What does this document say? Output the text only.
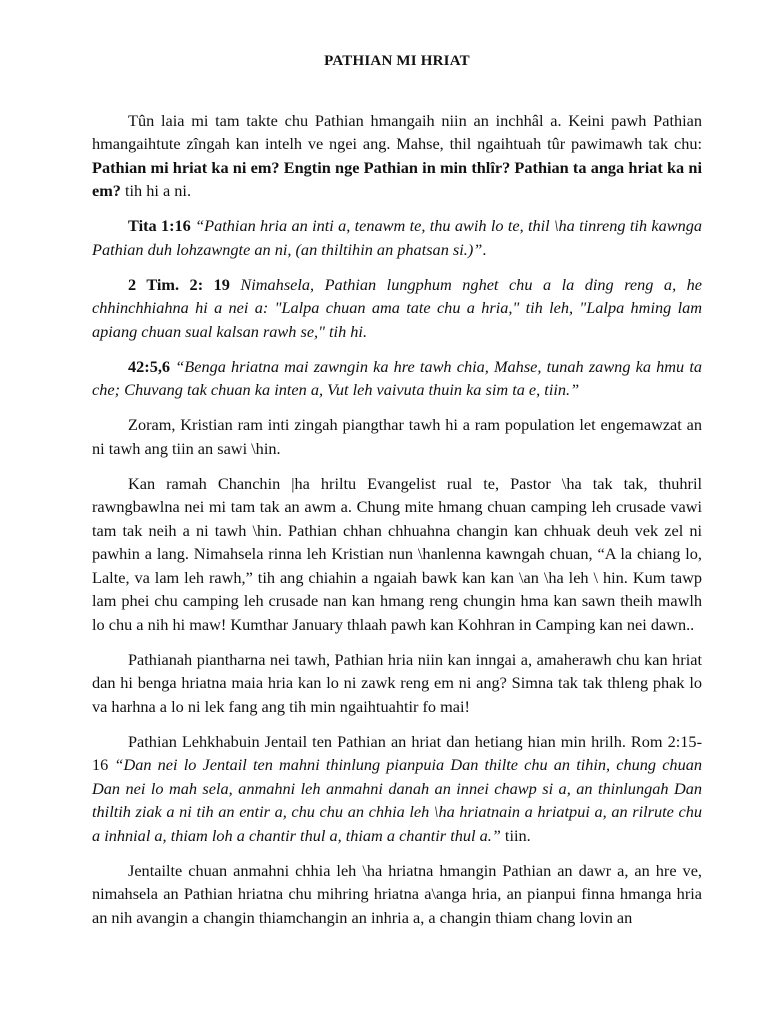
PATHIAN MI HRIAT

Tûn laia mi tam takte chu Pathian hmangaih niin an inchhâl a. Keini pawh Pathian hmangaihtute zîngah kan intelh ve ngei ang. Mahse, thil ngaihtuah tûr pawimawh tak chu: Pathian mi hriat ka ni em? Engtin nge Pathian in min thlîr? Pathian ta anga hriat ka ni em? tih hi a ni.

Tita 1:16 “Pathian hria an inti a, tenawm te, thu awih lo te, thil \ha tinreng tih kawnga Pathian duh lohzawngte an ni, (an thiltihin an phatsan si.)”.

2 Tim. 2: 19 Nimahsela, Pathian lungphum nghet chu a la ding reng a, he chhinchhiahna hi a nei a: "Lalpa chuan ama tate chu a hria," tih leh, "Lalpa hming lam apiang chuan sual kalsan rawh se," tih hi.

42:5,6 “Benga hriatna mai zawngin ka hre tawh chia, Mahse, tunah zawng ka hmu ta che; Chuvang tak chuan ka inten a, Vut leh vaivuta thuin ka sim ta e, tiin.”

Zoram, Kristian ram inti zingah piangthar tawh hi a ram population let engemawzat an ni tawh ang tiin an sawi \hin.

Kan ramah Chanchin |ha hriltu Evangelist rual te, Pastor \ha tak tak, thuhril rawngbawlna nei mi tam tak an awm a. Chung mite hmang chuan camping leh crusade vawi tam tak neih a ni tawh \hin. Pathian chhan chhuahna changin kan chhuak deuh vek zel ni pawhin a lang. Nimahsela rinna leh Kristian nun \hanlenna kawngah chuan, “A la chiang lo, Lalte, va lam leh rawh,” tih ang chiahin a ngaiah bawk kan kan \an \ha leh \ hin. Kum tawp lam phei chu camping leh crusade nan kan hmang reng chungin hma kan sawn theih mawlh lo chu a nih hi maw! Kumthar January thlaah pawh kan Kohhran in Camping kan nei dawn..

Pathianah piantharna nei tawh, Pathian hria niin kan inngai a, amaherawh chu kan hriat dan hi benga hriatna maia hria kan lo ni zawk reng em ni ang? Simna tak tak thleng phak lo va harhna a lo ni lek fang ang tih min ngaihtuahtir fo mai!

Pathian Lehkhabuin Jentail ten Pathian an hriat dan hetiang hian min hrilh. Rom 2:15-16 “Dan nei lo Jentail ten mahni thinlung pianpuia Dan thilte chu an tihin, chung chuan Dan nei lo mah sela, anmahni leh anmahni danah an innei chawp si a, an thinlungah Dan thiltih ziak a ni tih an entir a, chu chu an chhia leh \ha hriatnain a hriatpui a, an rilrute chu a inhnial a, thiam loh a chantir thul a, thiam a chantir thul a.” tiin.

Jentailte chuan anmahni chhia leh \ha hriatna hmangin Pathian an dawr a, an hre ve, nimahsela an Pathian hriatna chu mihring hriatna a\anga hria, an pianpui finna hmanga hria an nih avangin a changin thiamchangin an inhria a, a changin thiam chang lovin an
